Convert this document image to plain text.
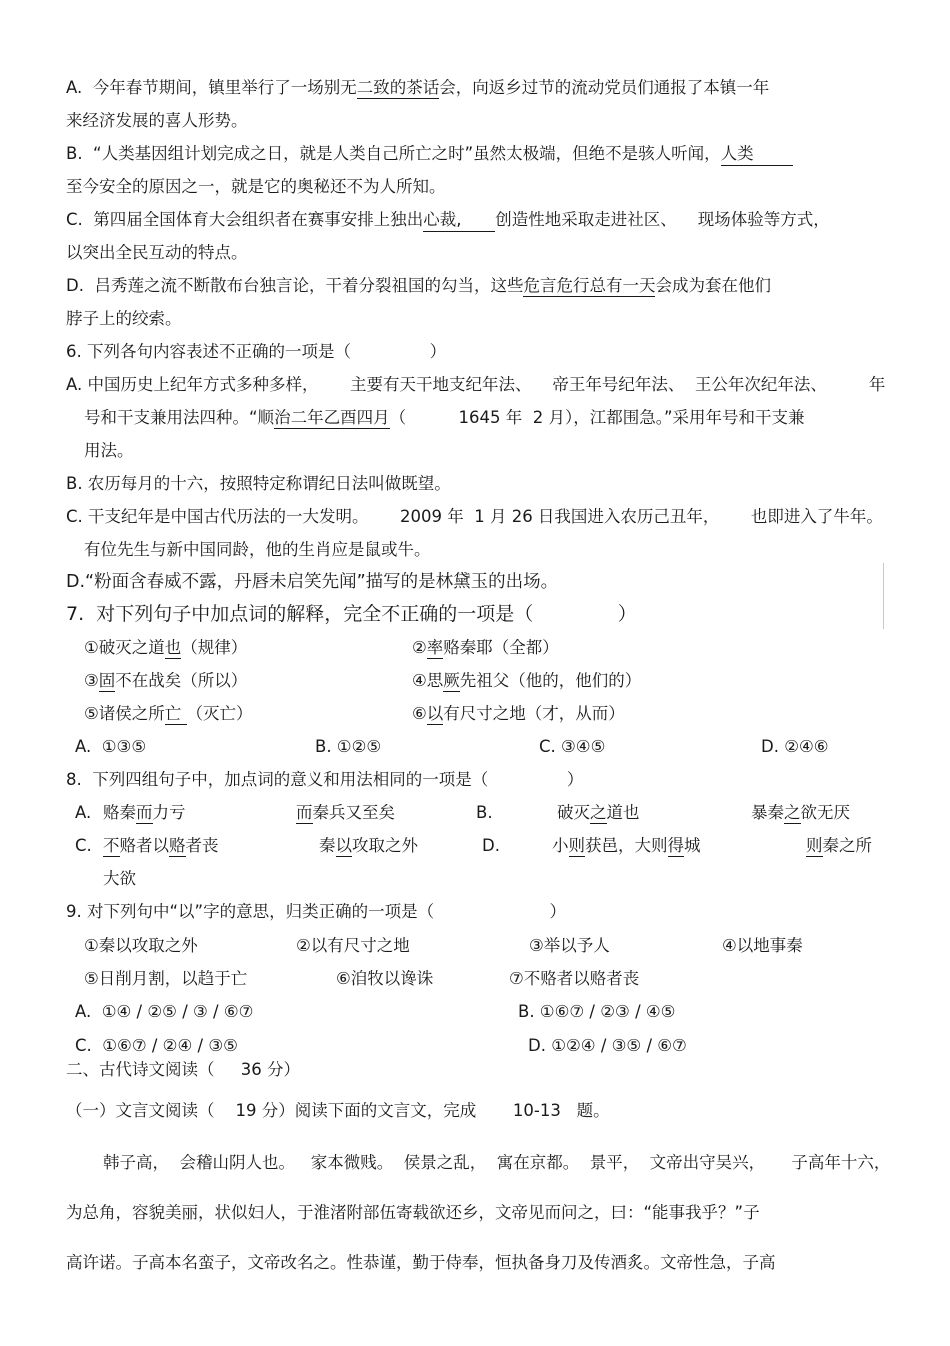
A.  今年春节期间，镇里举行了一场别无二致的茶话会，向返乡过节的流动党员们通报了本镇一年
来经济发展的喜人形势。
B.  “人类基因组计划完成之日，就是人类自己所亡之时”虽然太极端，但绝不是骇人听闻，人类
至今安全的原因之一，就是它的奥秘还不为人所知。
C.  第四届全国体育大会组织者在赛事安排上独出心裁, 创造性地采取走进社区、    现场体验等方式，
以突出全民互动的特点。
D.  吕秀莲之流不断散布台独言论，干着分裂祖国的勾当，这些危言危行总有一天会成为套在他们
脖子上的绞索。
6. 下列各句内容表述不正确的一项是（               ）
A. 中国历史上纪年方式多种多样，      主要有天干地支纪年法、    帝王年号纪年法、  王公年次纪年法、        年
号和干支兼用法四种。“顺治二年乙酉四月（          1645 年  2 月），江都围急。”采用年号和干支兼
用法。
B. 农历每月的十六，按照特定称谓纪日法叫做既望。
C. 干支纪年是中国古代历法的一大发明。      2009 年  1 月 26 日我国进入农历己丑年，      也即进入了牛年。
有位先生与新中国同龄，他的生肖应是鼠或牛。
D.“粉面含春威不露，丹唇未启笑先闻”描写的是林黛玉的出场。
7.  对下列句子中加点词的解释，完全不正确的一项是（              ）
①破灭之道也（规律）	②率赂秦耶（全都）
③固不在战矣（所以）	④思厥先祖父（他的，他们的）
⑤诸侯之所亡 （灭亡）	⑥以有尺寸之地（才，从而）
A.  ①③⑤	B. ①②⑤	C. ③④⑤	D. ②④⑥
8.  下列四组句子中，加点词的意义和用法相同的一项是（               ）
A. 赂秦而力亏	而秦兵又至矣	B.	破灭之道也	暴秦之欲无厌
C. 不赂者以赂者丧	秦以攻取之外	D.	小则获邑，大则得城	则秦之所
大欲
9. 对下列句中“以”字的意思，归类正确的一项是（                      ）
①秦以攻取之外	②以有尺寸之地	③举以予人	④以地事秦
⑤日削月割，以趋于亡	⑥洎牧以谗诛	⑦不赂者以赂者丧
A.  ①④ / ②⑤ / ③ / ⑥⑦	B. ①⑥⑦ / ②③ / ④⑤
C.  ①⑥⑦ / ②④ / ③⑤	D. ①②④ / ③⑤ / ⑥⑦
二、古代诗文阅读（     36 分）
（一）文言文阅读（    19 分）阅读下面的文言文，完成       10-13   题。
韩子高，  会稽山阴人也。   家本微贱。  侯景之乱，  寓在京都。  景平，  文帝出守吴兴，     子高年十六，
为总角，容貌美丽，状似妇人，于淮渚附部伍寄载欲还乡，文帝见而问之，曰：“能事我乎？”子
高许诺。子高本名蛮子，文帝改名之。性恭谨，勤于侍奉，恒执备身刀及传酒炙。文帝性急，子高
